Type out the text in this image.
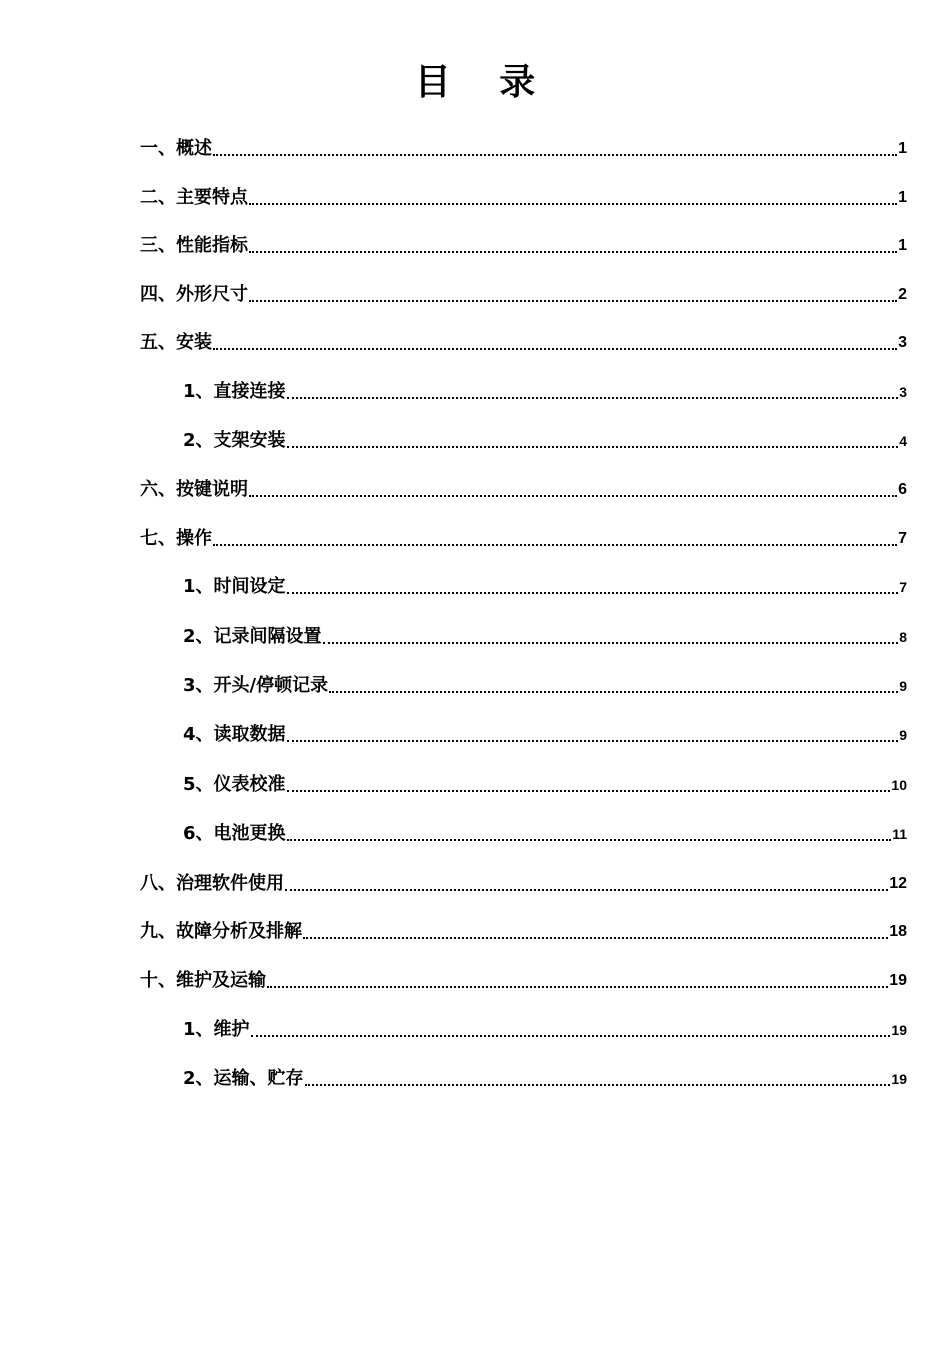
目 录
一、概述	1
二、主要特点	1
三、性能指标	1
四、外形尺寸	2
五、安装	3
1、直接连接	3
2、支架安装	4
六、按键说明	6
七、操作	7
1、时间设定	7
2、记录间隔设置	8
3、开头/停顿记录	9
4、读取数据	9
5、仪表校准	10
6、电池更换	11
八、治理软件使用	12
九、故障分析及排解	18
十、维护及运输	19
1、维护	19
2、运输、贮存	19
